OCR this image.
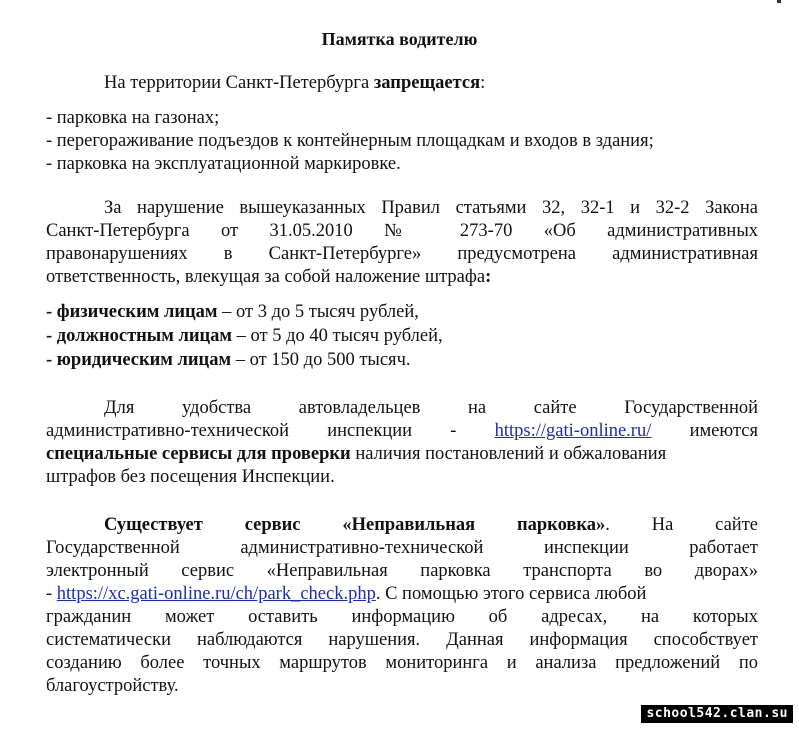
Памятка водителю
На территории Санкт-Петербурга запрещается:
- парковка на газонах;
- перегораживание подъездов к контейнерным площадкам и входов в здания;
- парковка на эксплуатационной маркировке.
За нарушение вышеуказанных Правил статьями 32, 32-1 и 32-2 Закона
Санкт-Петербурга от 31.05.2010 № 273-70 «Об административных
правонарушениях в Санкт-Петербурге» предусмотрена административная
ответственность, влекущая за собой наложение штрафа:
- физическим лицам – от 3 до 5 тысяч рублей,
- должностным лицам – от 5 до 40 тысяч рублей,
- юридическим лицам – от 150 до 500 тысяч.
Для удобства автовладельцев на сайте Государственной
административно-технической инспекции - https://gati-online.ru/ имеются
специальные сервисы для проверки наличия постановлений и обжалования
штрафов без посещения Инспекции.
Существует сервис «Неправильная парковка». На сайте
Государственной административно-технической инспекции работает
электронный сервис «Неправильная парковка транспорта во дворах»
- https://xc.gati-online.ru/ch/park_check.php. С помощью этого сервиса любой
гражданин может оставить информацию об адресах, на которых
систематически наблюдаются нарушения. Данная информация способствует
созданию более точных маршрутов мониторинга и анализа предложений по
благоустройству.
school542.clan.su
